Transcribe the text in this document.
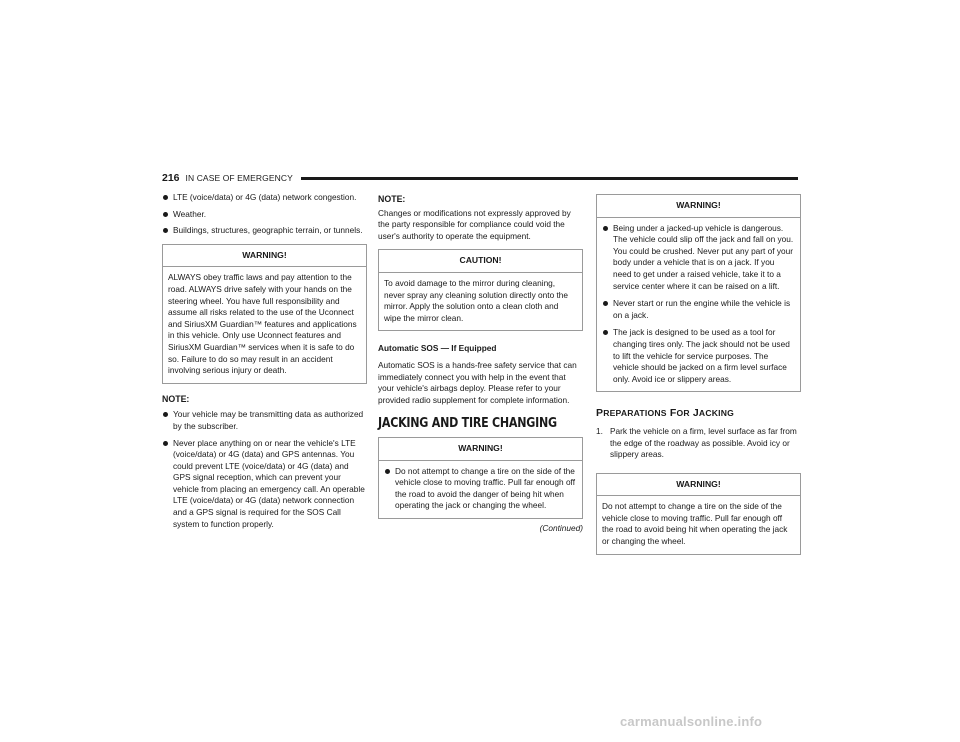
216 IN CASE OF EMERGENCY
LTE (voice/data) or 4G (data) network congestion.
Weather.
Buildings, structures, geographic terrain, or tunnels.
WARNING!
ALWAYS obey traffic laws and pay attention to the road. ALWAYS drive safely with your hands on the steering wheel. You have full responsibility and assume all risks related to the use of the Uconnect and SiriusXM Guardian™ features and applications in this vehicle. Only use Uconnect features and SiriusXM Guardian™ services when it is safe to do so. Failure to do so may result in an accident involving serious injury or death.
NOTE:
Your vehicle may be transmitting data as authorized by the subscriber.
Never place anything on or near the vehicle's LTE (voice/data) or 4G (data) and GPS antennas. You could prevent LTE (voice/data) or 4G (data) and GPS signal reception, which can prevent your vehicle from placing an emergency call. An operable LTE (voice/data) or 4G (data) network connection and a GPS signal is required for the SOS Call system to function properly.
NOTE:

Changes or modifications not expressly approved by the party responsible for compliance could void the user's authority to operate the equipment.

CAUTION!
To avoid damage to the mirror during cleaning, never spray any cleaning solution directly onto the mirror. Apply the solution onto a clean cloth and wipe the mirror clean.
Automatic SOS — If Equipped

Automatic SOS is a hands-free safety service that can immediately connect you with help in the event that your vehicle's airbags deploy. Please refer to your provided radio supplement for complete information.

JACKING AND TIRE CHANGING
WARNING!
Do not attempt to change a tire on the side of the vehicle close to moving traffic. Pull far enough off the road to avoid the danger of being hit when operating the jack or changing the wheel.
(Continued)
WARNING!
Being under a jacked-up vehicle is dangerous. The vehicle could slip off the jack and fall on you. You could be crushed. Never put any part of your body under a vehicle that is on a jack. If you need to get under a raised vehicle, take it to a service center where it can be raised on a lift.
Never start or run the engine while the vehicle is on a jack.
The jack is designed to be used as a tool for changing tires only. The jack should not be used to lift the vehicle for service purposes. The vehicle should be jacked on a firm level surface only. Avoid ice or slippery areas.
PREPARATIONS FOR JACKING
1. Park the vehicle on a firm, level surface as far from the edge of the roadway as possible. Avoid icy or slippery areas.
WARNING!
Do not attempt to change a tire on the side of the vehicle close to moving traffic. Pull far enough off the road to avoid being hit when operating the jack or changing the wheel.
carmanualsonline.info
